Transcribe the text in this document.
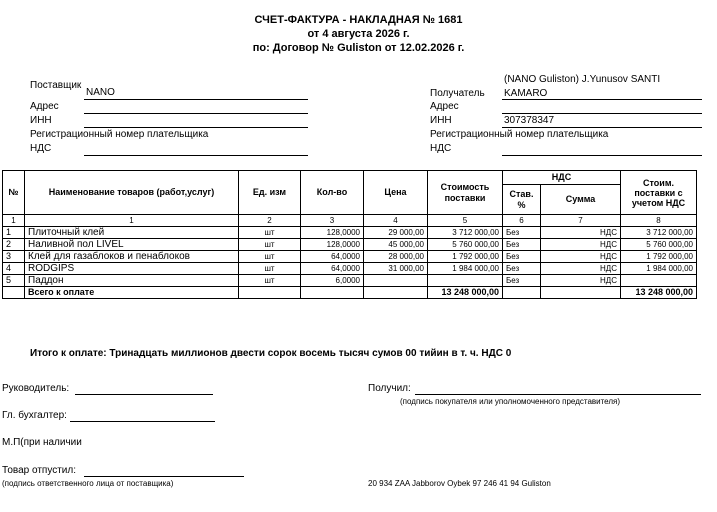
СЧЕТ-ФАКТУРА - НАКЛАДНАЯ № 1681
от 4 августа 2026 г.
по: Договор № Guliston от 12.02.2026 г.
Поставщик
NANO
Адрес
ИНН
Регистрационный номер плательщика
НДС
(NANO Guliston) J.Yunusov SANTI
Получатель KAMARO
Адрес
ИНН	307378347
Регистрационный номер плательщика
НДС
№	Наименование товаров (работ,услуг)	Ед. изм	Кол-во	Цена	Стоимость поставки	НДС		Стоим. поставки с учетом НДС
						Став. %	Сумма	
1	1	2	3	4	5	6	7	8
1	Плиточный клей	шт	128,0000	29 000,00	3 712 000,00	Без	НДС	3 712 000,00
2	Наливной пол LIVEL	шт	128,0000	45 000,00	5 760 000,00	Без	НДС	5 760 000,00
3	Клей для газаблоков и пенаблоков	шт	64,0000	28 000,00	1 792 000,00	Без	НДС	1 792 000,00
4	RODGIPS	шт	64,0000	31 000,00	1 984 000,00	Без	НДС	1 984 000,00
5	Паддон	шт	6,0000			Без	НДС	
	Всего к оплате				13 248 000,00			13 248 000,00
Итого к оплате: Тринадцать миллионов двести сорок восемь тысяч сумов 00 тийин в т. ч. НДС 0
Руководитель:
Гл. бухгалтер:
М.П(при наличии
Товар отпустил:
(подпись ответственного лица от поставщика)
Получил:
(подпись покупателя или уполномоченного представителя)
20 934 ZAA Jabborov Oybek 97 246 41 94 Guliston
